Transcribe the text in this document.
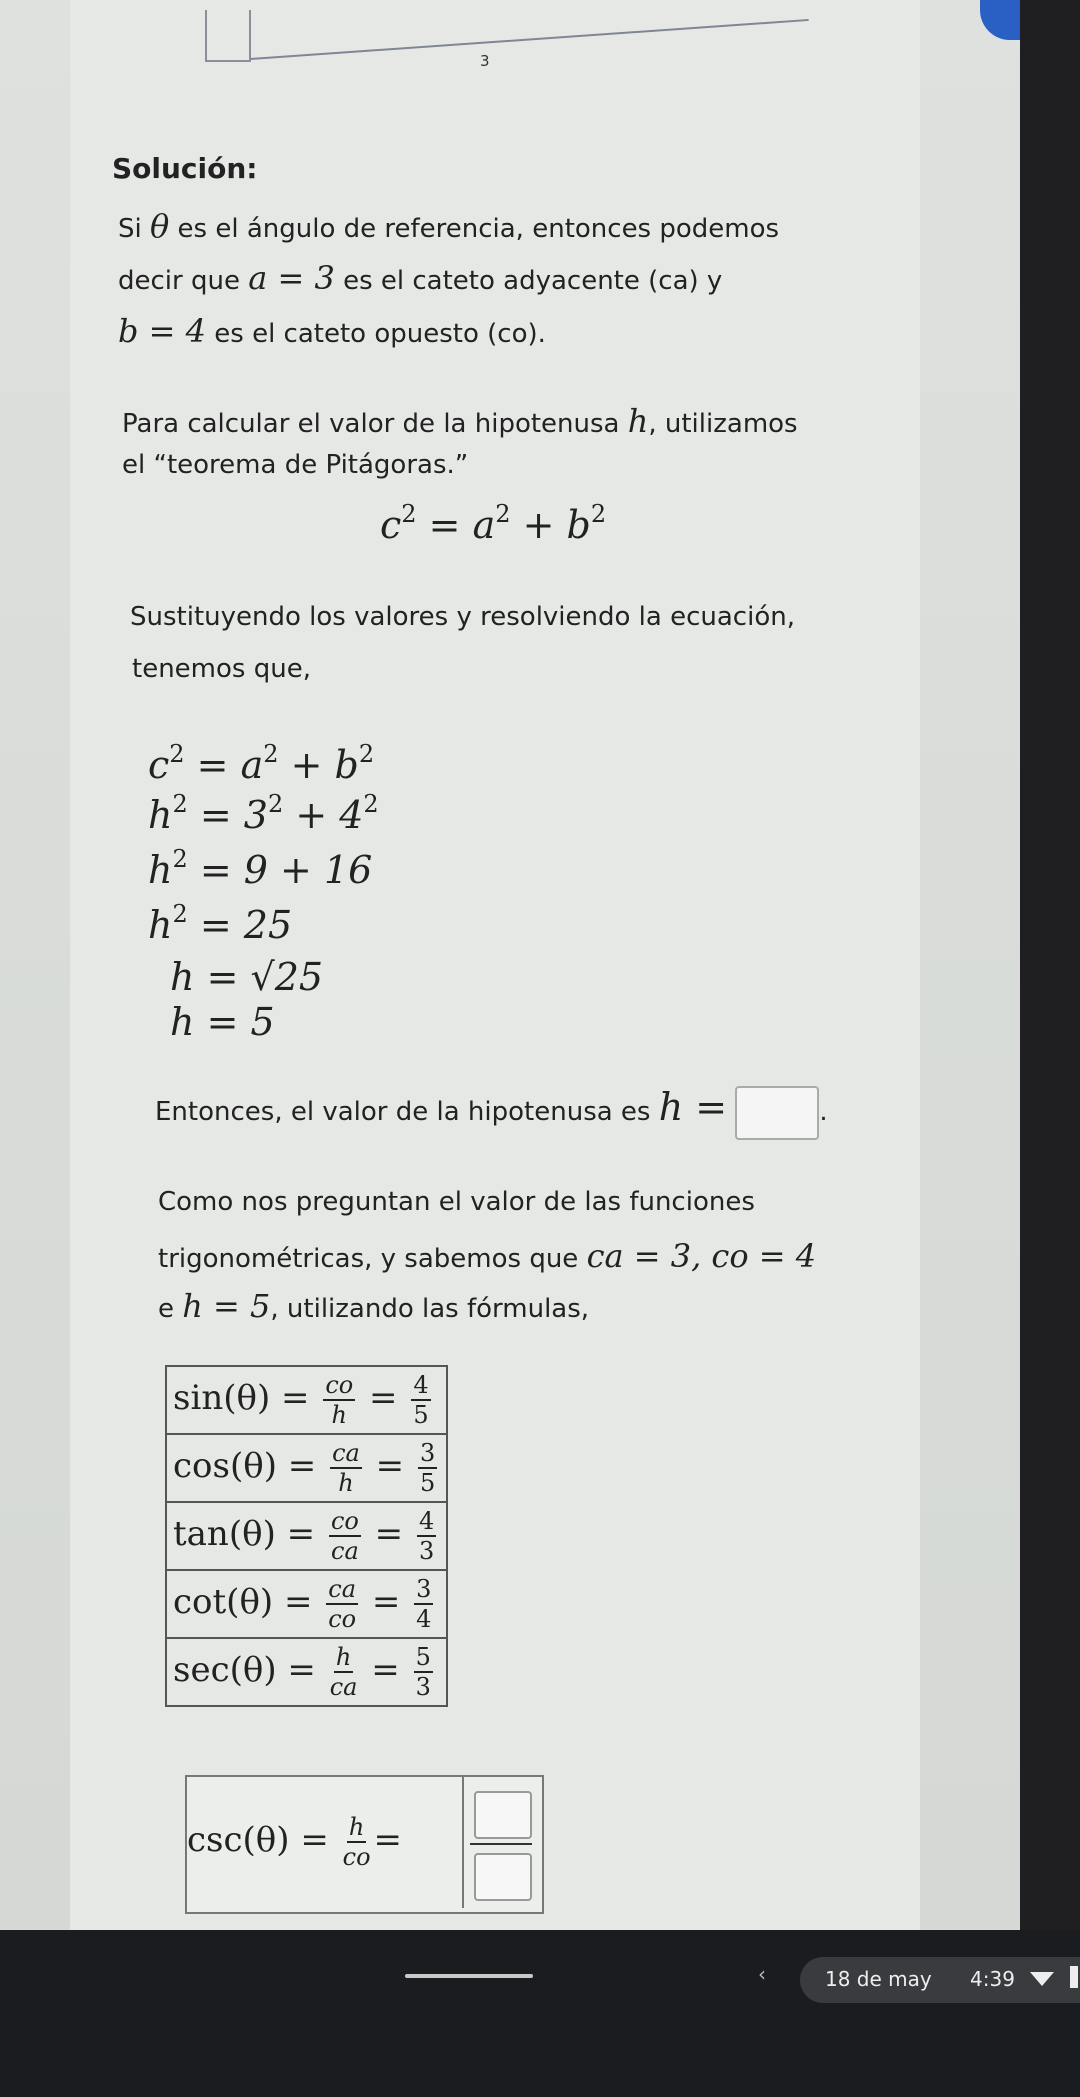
3
Solución:
Si θ es el ángulo de referencia, entonces podemos
decir que a = 3 es el cateto adyacente (ca) y
b = 4 es el cateto opuesto (co).
Para calcular el valor de la hipotenusa h, utilizamos
el “teorema de Pitágoras.”
$c^2 = a^2 + b^2$
Sustituyendo los valores y resolviendo la ecuación,
tenemos que,
$c^2 = a^2 + b^2$
$h^2 = 3^2 + 4^2$
$h^2 = 9 + 16$
$h^2 = 25$
h = √25
h = 5
Entonces, el valor de la hipotenusa es h =	.
Como nos preguntan el valor de las funciones
trigonométricas, y sabemos que ca = 3, co = 4
e h = 5, utilizando las fórmulas,
$\sin(\theta) = \frac{co}{h} = \frac{4}{5}$

$\cos(\theta) = \frac{ca}{h} = \frac{3}{5}$

$\tan(\theta) = \frac{co}{ca} = \frac{4}{3}$

$\cot(\theta) = \frac{ca}{co} = \frac{3}{4}$

$\sec(\theta) = \frac{h}{ca} = \frac{5}{3}$
$\csc(\theta) = \frac{h}{co}$ =
‹	18 de may 4:39
